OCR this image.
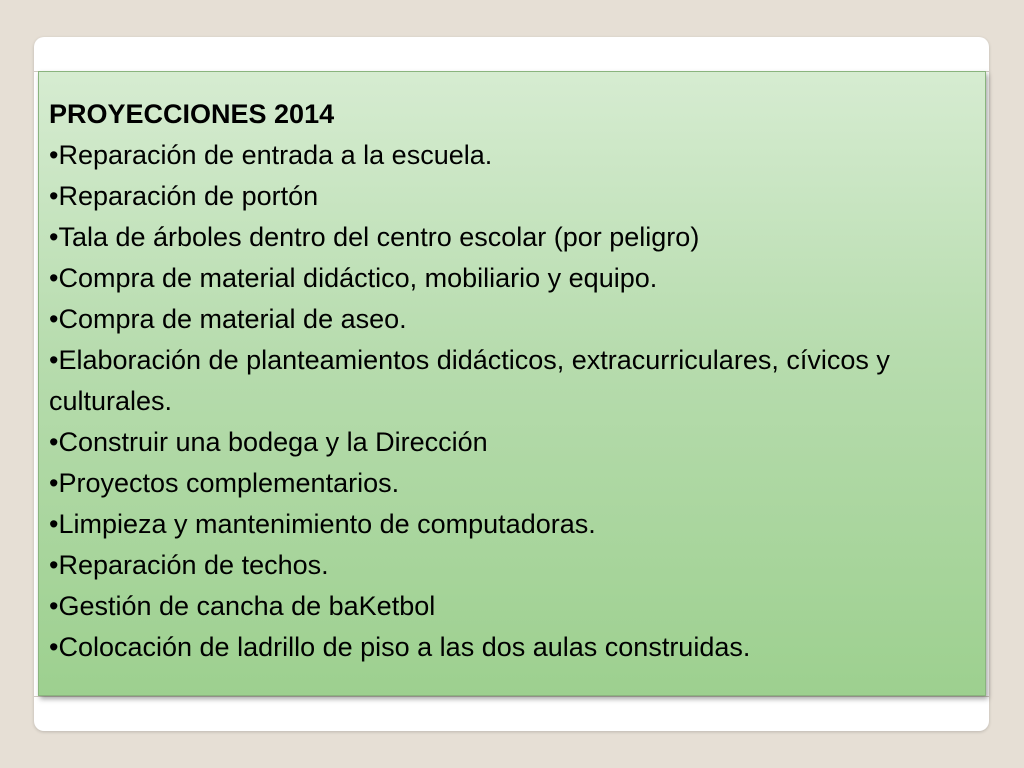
PROYECCIONES 2014

•Reparación de entrada a la escuela.

•Reparación de portón

•Tala de árboles dentro del centro escolar (por peligro)

•Compra de material didáctico, mobiliario y equipo.

•Compra de material de aseo.

•Elaboración de planteamientos didácticos, extracurriculares, cívicos y culturales.

•Construir una bodega y la Dirección

•Proyectos complementarios.

•Limpieza y mantenimiento de computadoras.

•Reparación de techos.

•Gestión de cancha de baKetbol

•Colocación de ladrillo de piso a las dos aulas construidas.
